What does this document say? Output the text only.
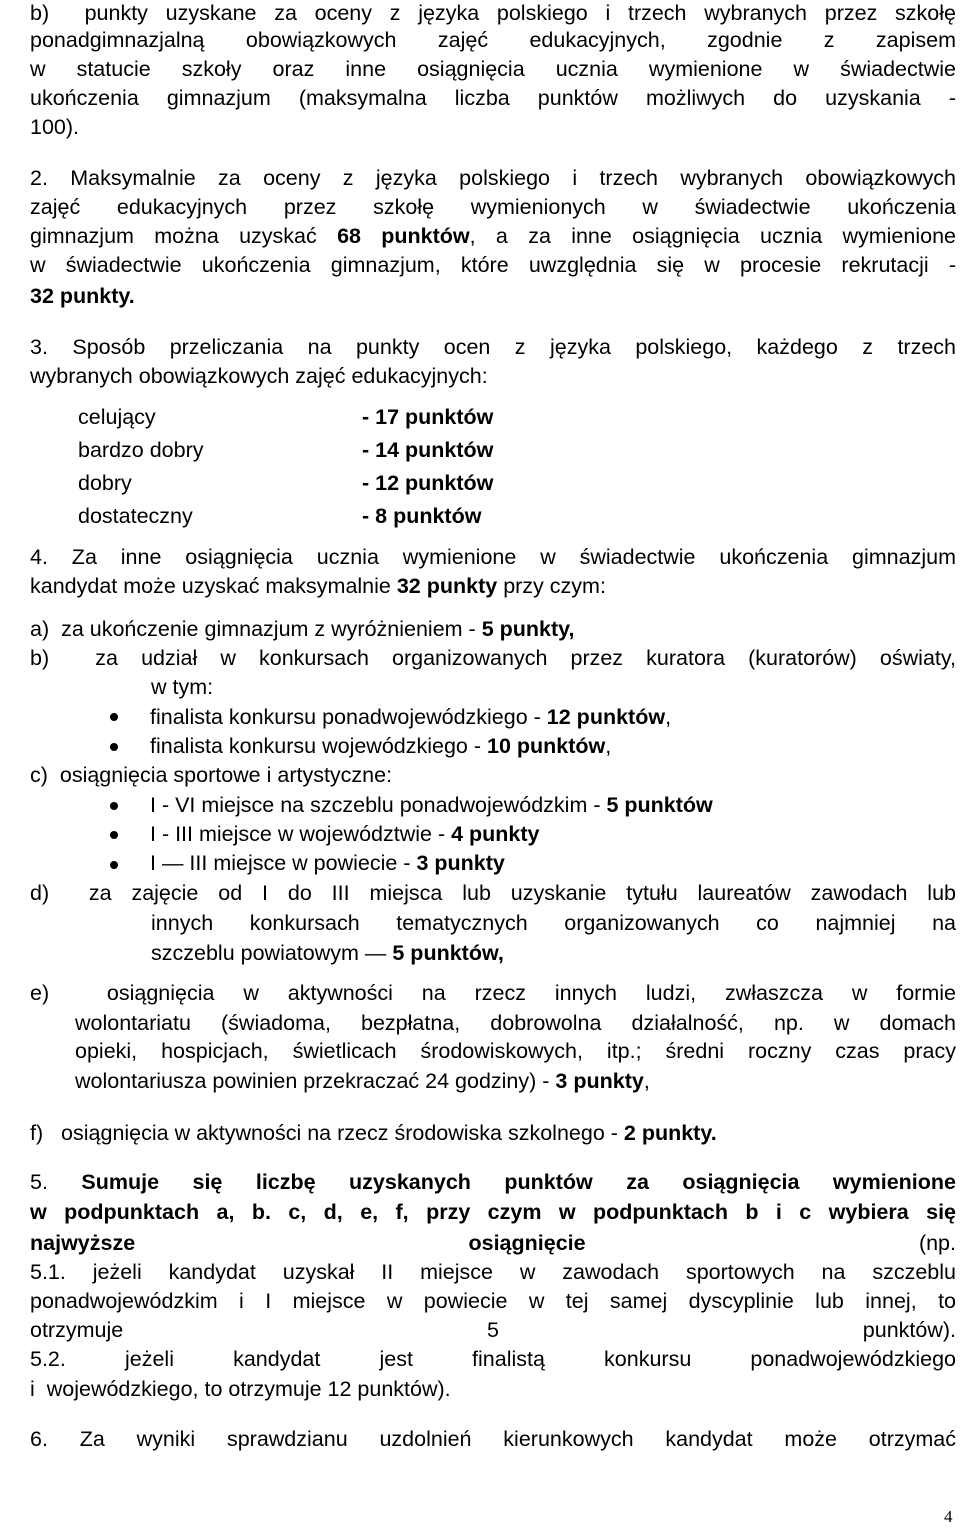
b)  punkty uzyskane za oceny z języka polskiego i trzech wybranych przez szkołę
ponadgimnazjalną obowiązkowych zajęć edukacyjnych, zgodnie z zapisem
w statucie szkoły oraz inne osiągnięcia ucznia wymienione w świadectwie
ukończenia gimnazjum (maksymalna liczba punktów możliwych do uzyskania -
100).
2. Maksymalnie za oceny z języka polskiego i trzech wybranych obowiązkowych
zajęć edukacyjnych przez szkołę wymienionych w świadectwie ukończenia
gimnazjum można uzyskać 68 punktów, a za inne osiągnięcia ucznia wymienione
w świadectwie ukończenia gimnazjum, które uwzględnia się w procesie rekrutacji -
32 punkty.
3. Sposób przeliczania na punkty ocen z języka polskiego, każdego z trzech
wybranych obowiązkowych zajęć edukacyjnych:
4. Za inne osiągnięcia ucznia wymienione w świadectwie ukończenia gimnazjum
kandydat może uzyskać maksymalnie 32 punkty przy czym:
a)  za ukończenie gimnazjum z wyróżnieniem - 5 punkty,
b)  za udział w konkursach organizowanych przez kuratora (kuratorów) oświaty,
w tym:
finalista konkursu ponadwojewódzkiego - 12 punktów,
finalista konkursu wojewódzkiego - 10 punktów,
c)  osiągnięcia sportowe i artystyczne:
I - VI miejsce na szczeblu ponadwojewódzkim - 5 punktów
I - III miejsce w województwie - 4 punkty
I — III miejsce w powiecie - 3 punkty
d)  za zajęcie od I do III miejsca lub uzyskanie tytułu laureatów zawodach lub
innych konkursach tematycznych organizowanych co najmniej na
szczeblu powiatowym — 5 punktów,
e)  osiągnięcia w aktywności na rzecz innych ludzi, zwłaszcza w formie
wolontariatu (świadoma, bezpłatna, dobrowolna działalność, np. w domach
opieki, hospicjach, świetlicach środowiskowych, itp.; średni roczny czas pracy
wolontariusza powinien przekraczać 24 godziny) - 3 punkty,
f)   osiągnięcia w aktywności na rzecz środowiska szkolnego - 2 punkty.
5. Sumuje się liczbę uzyskanych punktów za osiągnięcia wymienione
w podpunktach a, b. c, d, e, f, przy czym w podpunktach b i c wybiera się
najwyższe osiągnięcie (np.
5.1. jeżeli kandydat uzyskał II miejsce w zawodach sportowych na szczeblu
ponadwojewódzkim i I miejsce w powiecie w tej samej dyscyplinie lub innej, to
otrzymuje 5 punktów).
5.2. jeżeli kandydat jest finalistą konkursu ponadwojewódzkiego
i  wojewódzkiego, to otrzymuje 12 punktów).
6. Za wyniki sprawdzianu uzdolnień kierunkowych kandydat może otrzymać
celujący	- 17 punktów
bardzo dobry	- 14 punktów
dobry	- 12 punktów
dostateczny	- 8 punktów
4
